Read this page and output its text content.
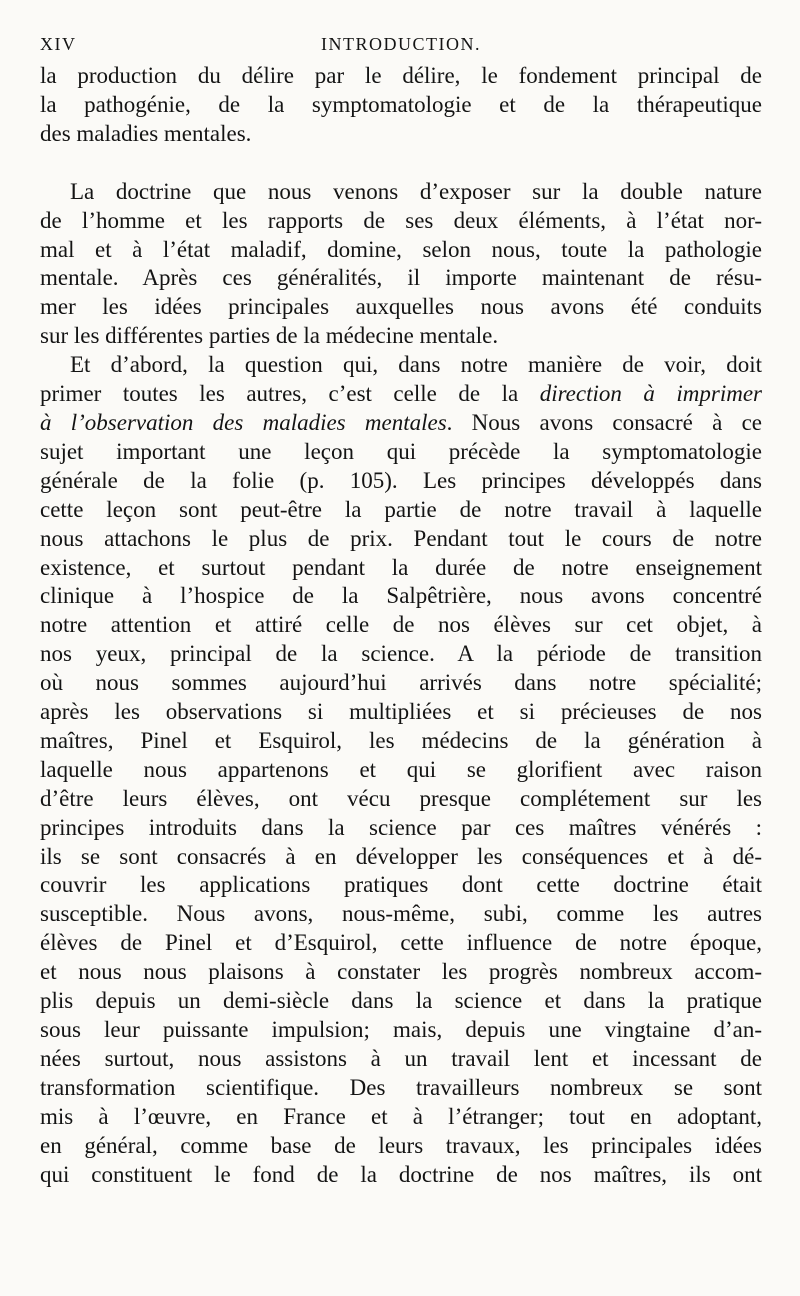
XIV	INTRODUCTION.
la production du délire par le délire, le fondement principal de
la pathogénie, de la symptomatologie et de la thérapeutique
des maladies mentales.
La doctrine que nous venons d’exposer sur la double nature
de l’homme et les rapports de ses deux éléments, à l’état nor-
mal et à l’état maladif, domine, selon nous, toute la pathologie
mentale. Après ces généralités, il importe maintenant de résu-
mer les idées principales auxquelles nous avons été conduits
sur les différentes parties de la médecine mentale.
Et d’abord, la question qui, dans notre manière de voir, doit
primer toutes les autres, c’est celle de la direction à imprimer
à l’observation des maladies mentales. Nous avons consacré à ce
sujet important une leçon qui précède la symptomatologie
générale de la folie (p. 105). Les principes développés dans
cette leçon sont peut-être la partie de notre travail à laquelle
nous attachons le plus de prix. Pendant tout le cours de notre
existence, et surtout pendant la durée de notre enseignement
clinique à l’hospice de la Salpêtrière, nous avons concentré
notre attention et attiré celle de nos élèves sur cet objet, à
nos yeux, principal de la science. A la période de transition
où nous sommes aujourd’hui arrivés dans notre spécialité;
après les observations si multipliées et si précieuses de nos
maîtres, Pinel et Esquirol, les médecins de la génération à
laquelle nous appartenons et qui se glorifient avec raison
d’être leurs élèves, ont vécu presque complétement sur les
principes introduits dans la science par ces maîtres vénérés :
ils se sont consacrés à en développer les conséquences et à dé-
couvrir les applications pratiques dont cette doctrine était
susceptible. Nous avons, nous-même, subi, comme les autres
élèves de Pinel et d’Esquirol, cette influence de notre époque,
et nous nous plaisons à constater les progrès nombreux accom-
plis depuis un demi-siècle dans la science et dans la pratique
sous leur puissante impulsion; mais, depuis une vingtaine d’an-
nées surtout, nous assistons à un travail lent et incessant de
transformation scientifique. Des travailleurs nombreux se sont
mis à l’œuvre, en France et à l’étranger; tout en adoptant,
en général, comme base de leurs travaux, les principales idées
qui constituent le fond de la doctrine de nos maîtres, ils ont
